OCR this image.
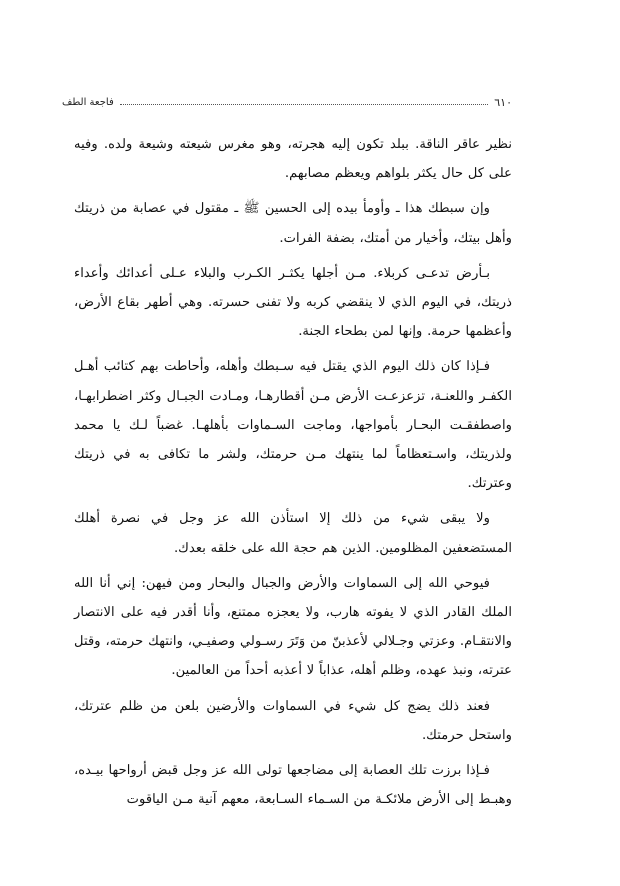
٦١٠
فاجعة الطف

نظير عاقر الناقة. ببلد تكون إليه هجرته، وهو مغرس شيعته وشيعة ولده. وفيه على كل حال يكثر بلواهم ويعظم مصابهم.

وإن سبطك هذا ـ وأومأ بيده إلى الحسين ﷺ ـ مقتول في عصابة من ذريتك وأهل بيتك، وأخيار من أمتك، بضفة الفرات.

بـأرض تدعـى كربلاء. مـن أجلها يكثـر الكـرب والبلاء عـلى أعدائك وأعداء ذريتك، في اليوم الذي لا ينقضي كربه ولا تفنى حسرته. وهي أطهر بقاع الأرض، وأعظمها حرمة. وإنها لمن بطحاء الجنة.

فـإذا كان ذلك اليوم الذي يقتل فيه سـبطك وأهله، وأحاطت بهم كتائب أهـل الكفـر واللعنـة، تزعزعـت الأرض مـن أقطارهـا، ومـادت الجبـال وكثر اضطرابهـا، واصطفقـت البحـار بأمواجها، وماجت السـماوات بأهلهـا. غضباً لـك يا محمد ولذريتك، واسـتعظاماً لما ينتهك مـن حرمتك، ولشر ما تكافى به في ذريتك وعترتك.

ولا يبقى شيء من ذلك إلا استأذن الله عز وجل في نصرة أهلك المستضعفين المظلومين. الذين هم حجة الله على خلقه بعدك.

فيوحي الله إلى السماوات والأرض والجبال والبحار ومن فيهن: إني أنا الله الملك القادر الذي لا يفوته هارب، ولا يعجزه ممتنع، وأنا أقدر فيه على الانتصار والانتقـام. وعزتي وجـلالي لأعذبنّ من وَتَرَ رسـولي وصفيـي، وانتهك حرمته، وقتل عترته، ونبذ عهده، وظلم أهله، عذاباً لا أعذبه أحداً من العالمين.

فعند ذلك يضج كل شيء في السماوات والأرضين بلعن من ظلم عترتك، واستحل حرمتك.

فـإذا برزت تلك العصابة إلى مضاجعها تولى الله عز وجل قبض أرواحها بيـده، وهبـط إلى الأرض ملائكـة من السـماء السـابعة، معهم آنية مـن الياقوت
